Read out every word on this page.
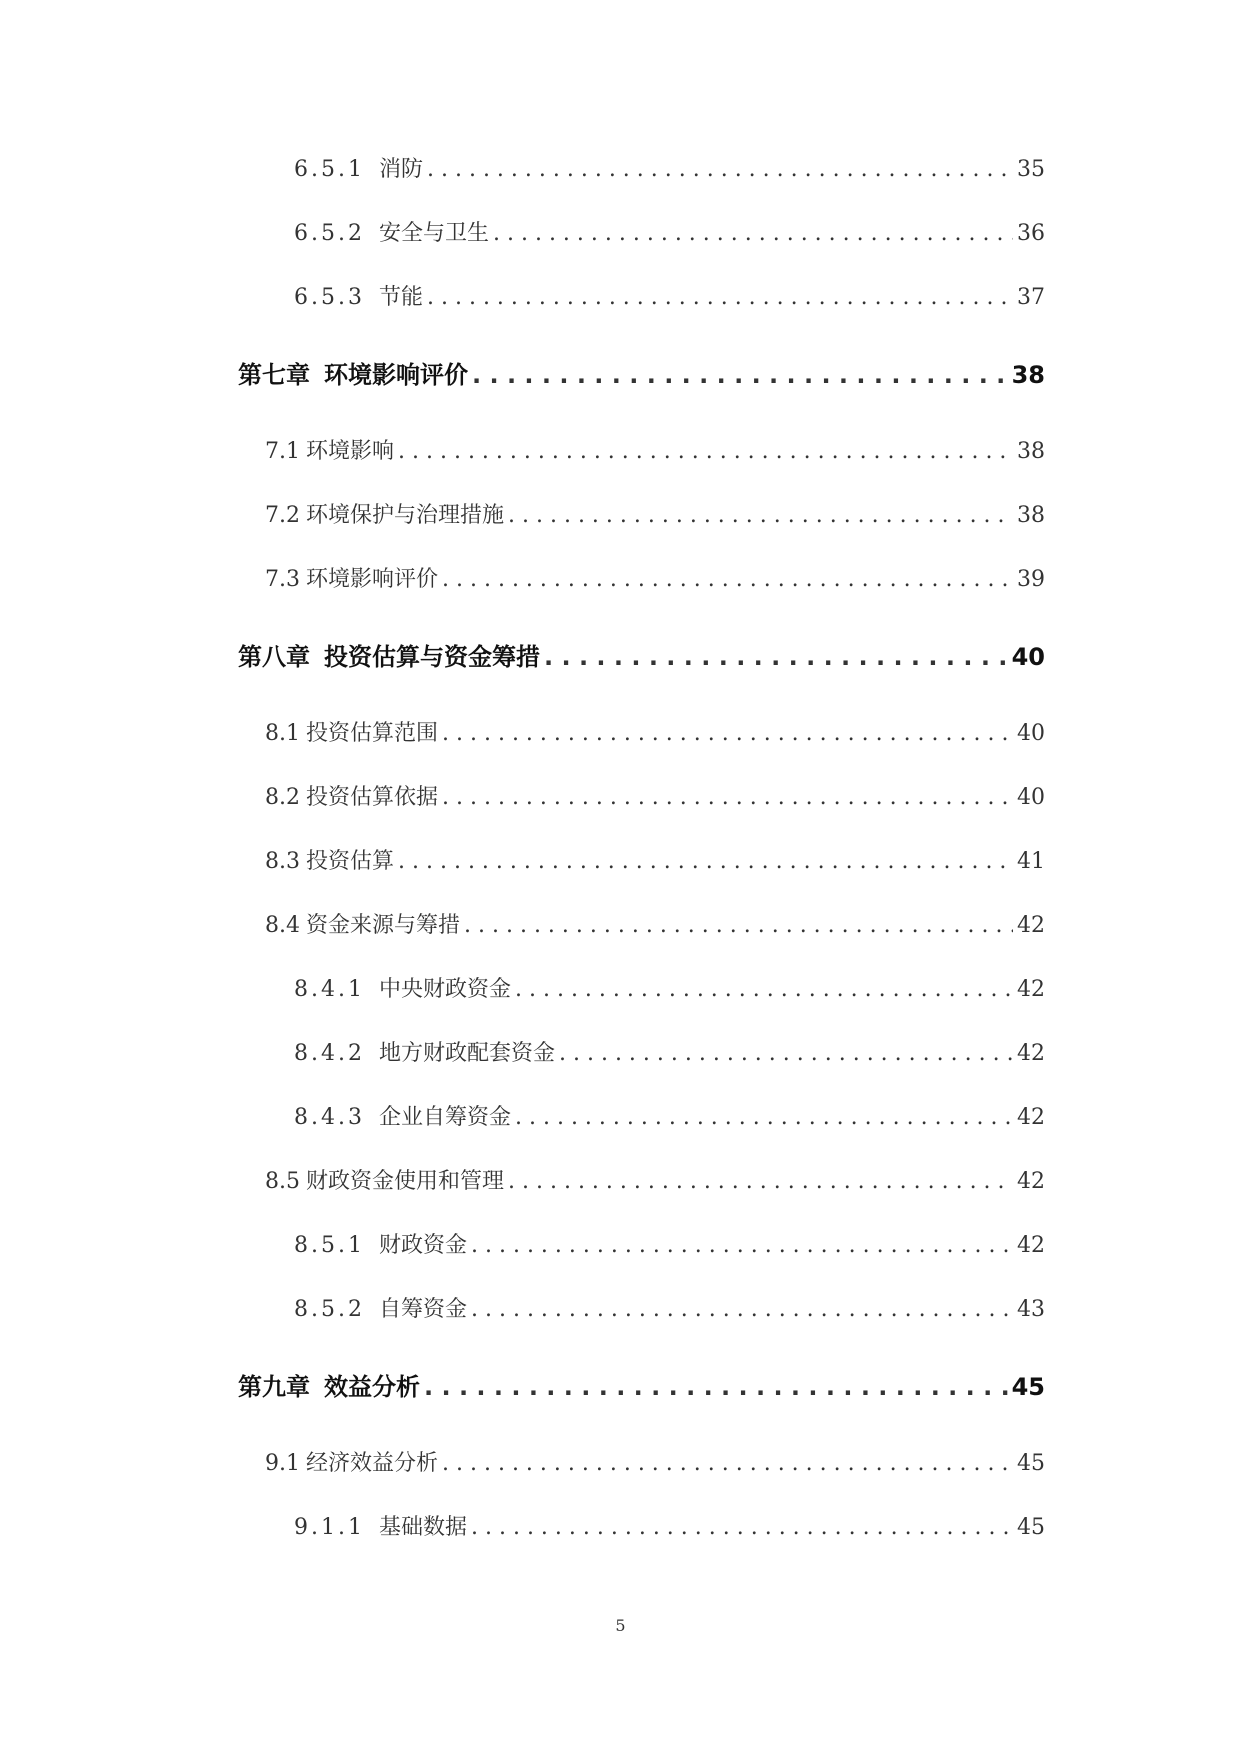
6.5.1 消防 . . .	35
6.5.2 安全与卫生 . . .	36
6.5.3 节能 . . .	37
第七章 环境影响评价 . . .	38
7.1 环境影响 . . .	38
7.2 环境保护与治理措施 . . .	38
7.3 环境影响评价 . . .	39
第八章 投资估算与资金筹措 . . .	40
8.1 投资估算范围 . . .	40
8.2 投资估算依据 . . .	40
8.3 投资估算 . . .	41
8.4 资金来源与筹措 . . .	42
8.4.1 中央财政资金 . . .	42
8.4.2 地方财政配套资金 . . .	42
8.4.3 企业自筹资金 . . .	42
8.5 财政资金使用和管理 . . .	42
8.5.1 财政资金 . . .	42
8.5.2 自筹资金 . . .	43
第九章 效益分析 . . .	45
9.1 经济效益分析 . . .	45
9.1.1 基础数据 . . .	45
5
